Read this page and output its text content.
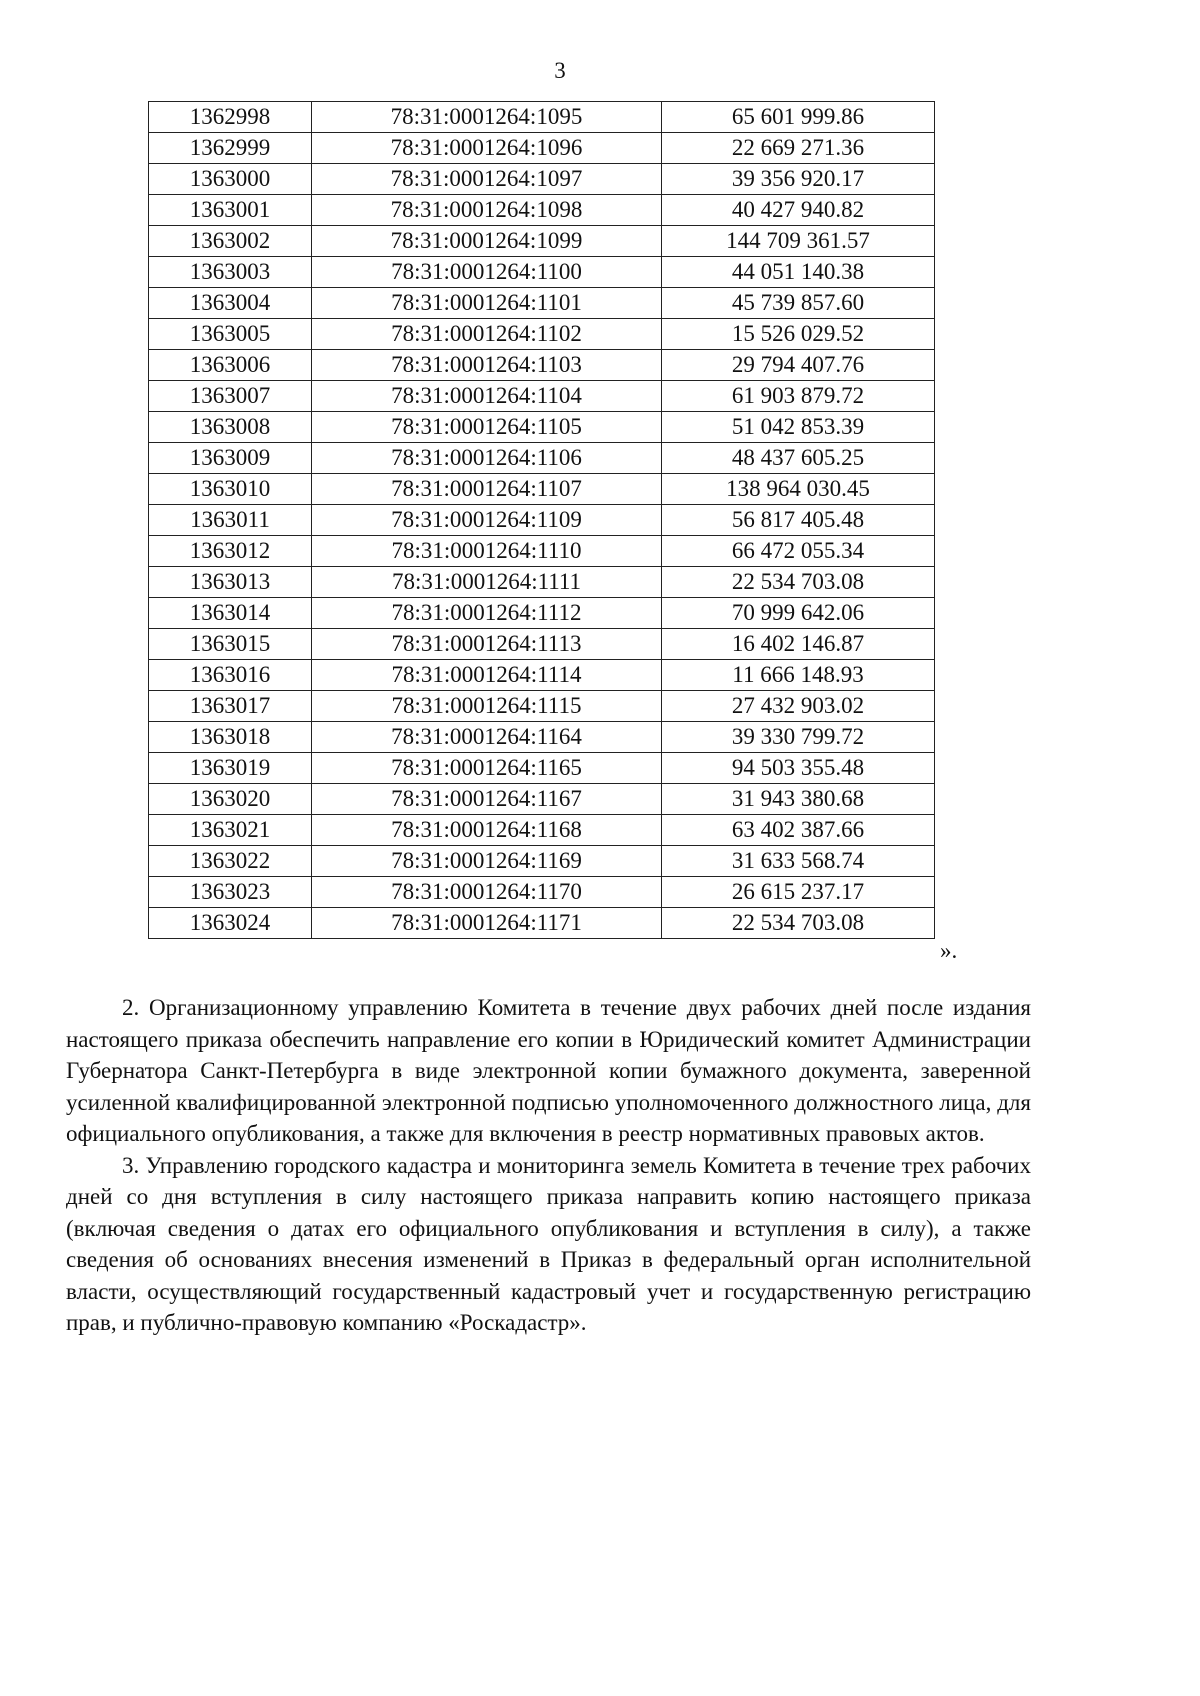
3
1362998	78:31:0001264:1095	65 601 999.86
1362999	78:31:0001264:1096	22 669 271.36
1363000	78:31:0001264:1097	39 356 920.17
1363001	78:31:0001264:1098	40 427 940.82
1363002	78:31:0001264:1099	144 709 361.57
1363003	78:31:0001264:1100	44 051 140.38
1363004	78:31:0001264:1101	45 739 857.60
1363005	78:31:0001264:1102	15 526 029.52
1363006	78:31:0001264:1103	29 794 407.76
1363007	78:31:0001264:1104	61 903 879.72
1363008	78:31:0001264:1105	51 042 853.39
1363009	78:31:0001264:1106	48 437 605.25
1363010	78:31:0001264:1107	138 964 030.45
1363011	78:31:0001264:1109	56 817 405.48
1363012	78:31:0001264:1110	66 472 055.34
1363013	78:31:0001264:1111	22 534 703.08
1363014	78:31:0001264:1112	70 999 642.06
1363015	78:31:0001264:1113	16 402 146.87
1363016	78:31:0001264:1114	11 666 148.93
1363017	78:31:0001264:1115	27 432 903.02
1363018	78:31:0001264:1164	39 330 799.72
1363019	78:31:0001264:1165	94 503 355.48
1363020	78:31:0001264:1167	31 943 380.68
1363021	78:31:0001264:1168	63 402 387.66
1363022	78:31:0001264:1169	31 633 568.74
1363023	78:31:0001264:1170	26 615 237.17
1363024	78:31:0001264:1171	22 534 703.08
».

2. Организационному управлению Комитета в течение двух рабочих дней после издания настоящего приказа обеспечить направление его копии в Юридический комитет Администрации Губернатора Санкт-Петербурга в виде электронной копии бумажного документа, заверенной усиленной квалифицированной электронной подписью уполномоченного должностного лица, для официального опубликования, а также для включения в реестр нормативных правовых актов.

3. Управлению городского кадастра и мониторинга земель Комитета в течение трех рабочих дней со дня вступления в силу настоящего приказа направить копию настоящего приказа (включая сведения о датах его официального опубликования и вступления в силу), а также сведения об основаниях внесения изменений в Приказ в федеральный орган исполнительной власти, осуществляющий государственный кадастровый учет и государственную регистрацию прав, и публично-правовую компанию «Роскадастр».
